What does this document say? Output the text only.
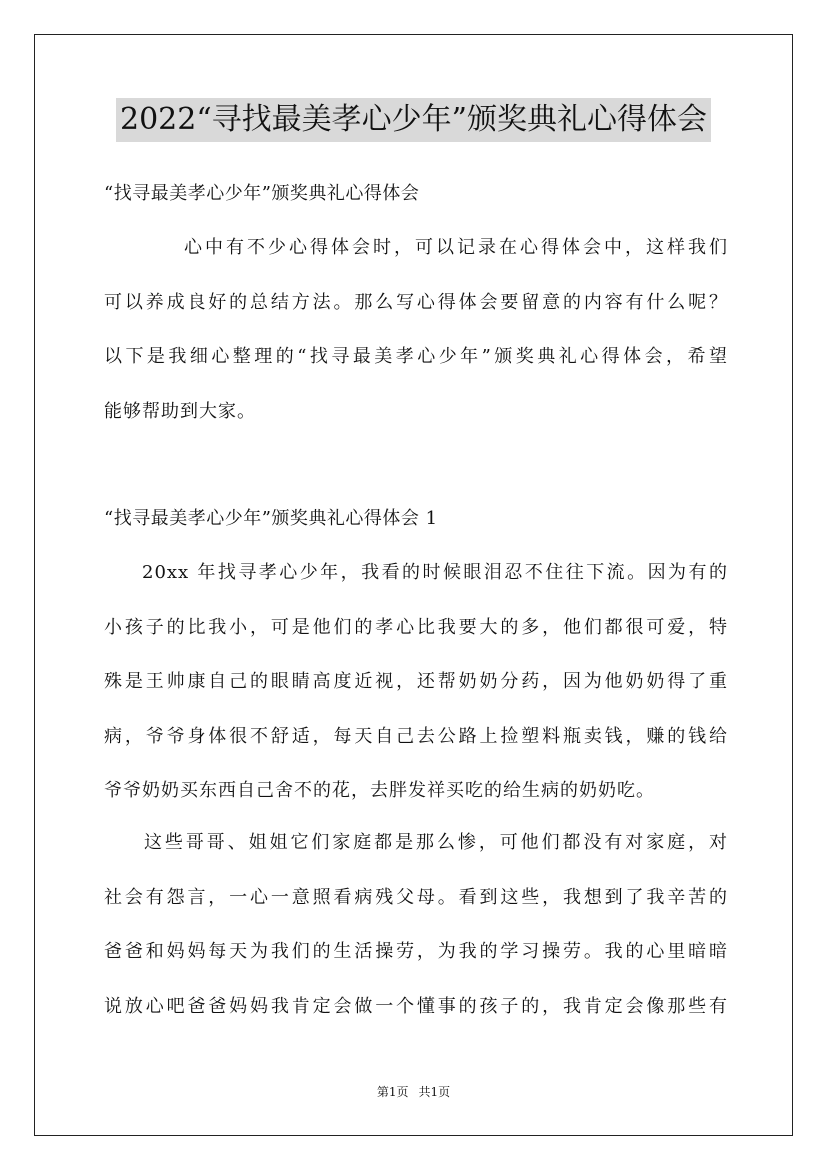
2022“寻找最美孝心少年”颁奖典礼心得体会
“找寻最美孝心少年”颁奖典礼心得体会
心中有不少心得体会时，可以记录在心得体会中，这样我们
可以养成良好的总结方法。那么写心得体会要留意的内容有什么呢？
以下是我细心整理的“找寻最美孝心少年”颁奖典礼心得体会，希望
能够帮助到大家。
“找寻最美孝心少年”颁奖典礼心得体会 1
20xx 年找寻孝心少年，我看的时候眼泪忍不住往下流。因为有的
小孩子的比我小，可是他们的孝心比我要大的多，他们都很可爱，特
殊是王帅康自己的眼睛高度近视，还帮奶奶分药，因为他奶奶得了重
病，爷爷身体很不舒适，每天自己去公路上捡塑料瓶卖钱，赚的钱给
爷爷奶奶买东西自己舍不的花，去胖发祥买吃的给生病的奶奶吃。
这些哥哥、姐姐它们家庭都是那么惨，可他们都没有对家庭，对
社会有怨言，一心一意照看病残父母。看到这些，我想到了我辛苦的
爸爸和妈妈每天为我们的生活操劳，为我的学习操劳。我的心里暗暗
说放心吧爸爸妈妈我肯定会做一个懂事的孩子的，我肯定会像那些有
第1页 共1页
